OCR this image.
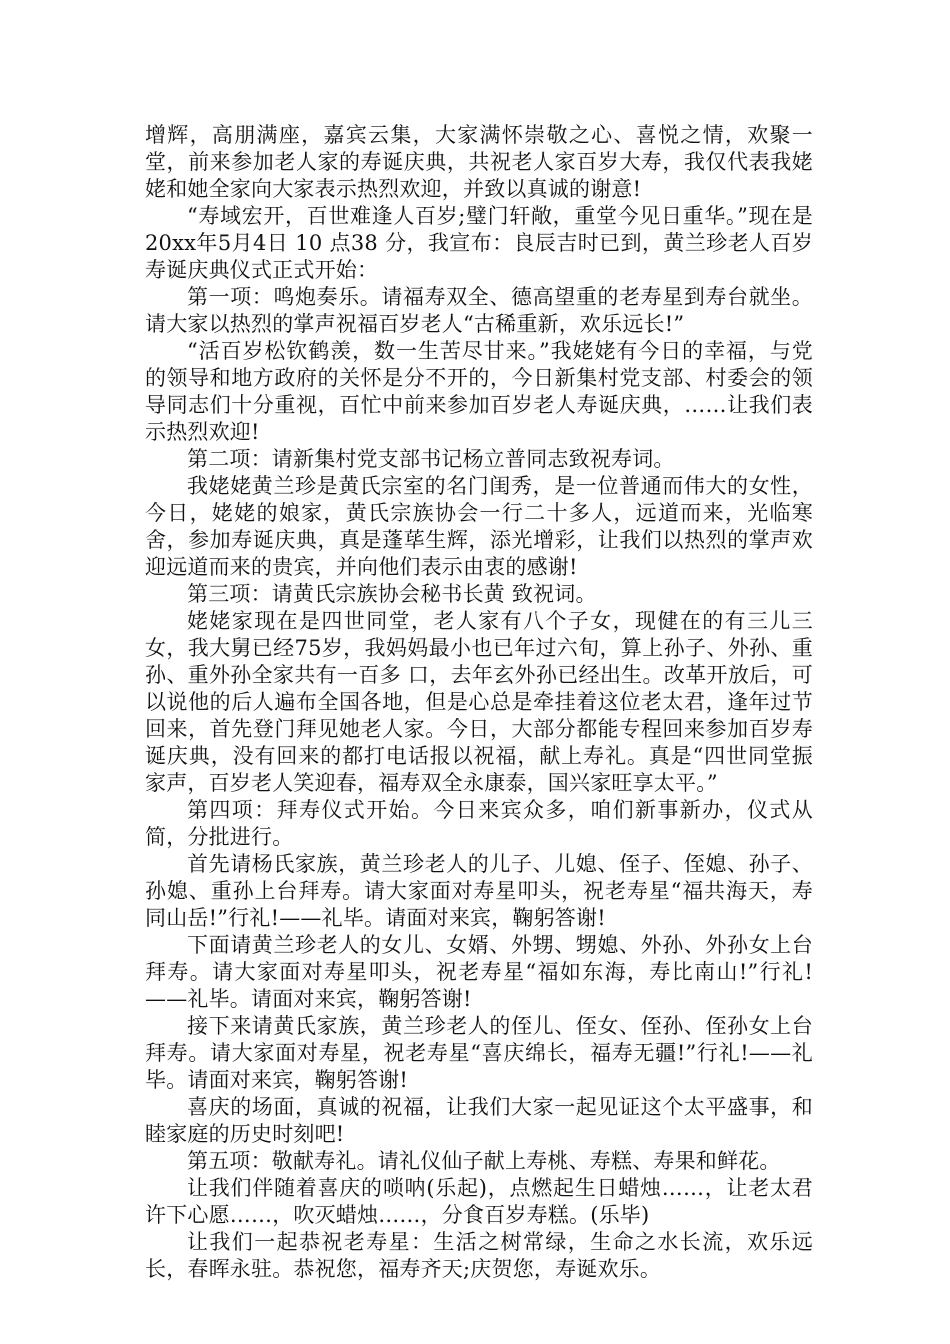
增辉，高朋满座，嘉宾云集，大家满怀崇敬之心、喜悦之情，欢聚一堂，前来参加老人家的寿诞庆典，共祝老人家百岁大寿，我仅代表我姥姥和她全家向大家表示热烈欢迎，并致以真诚的谢意!

“寿域宏开，百世难逢人百岁;璧门轩敞，重堂今见日重华。”现在是20xx年5月4日 10 点38 分，我宣布：良辰吉时已到，黄兰珍老人百岁寿诞庆典仪式正式开始：

第一项：鸣炮奏乐。请福寿双全、德高望重的老寿星到寿台就坐。请大家以热烈的掌声祝福百岁老人“古稀重新，欢乐远长!”

“活百岁松钦鹤羡，数一生苦尽甘来。”我姥姥有今日的幸福，与党的领导和地方政府的关怀是分不开的，今日新集村党支部、村委会的领导同志们十分重视，百忙中前来参加百岁老人寿诞庆典，……让我们表示热烈欢迎!

第二项：请新集村党支部书记杨立普同志致祝寿词。

我姥姥黄兰珍是黄氏宗室的名门闺秀，是一位普通而伟大的女性，今日，姥姥的娘家，黄氏宗族协会一行二十多人，远道而来，光临寒舍，参加寿诞庆典，真是蓬荜生辉，添光增彩，让我们以热烈的掌声欢迎远道而来的贵宾，并向他们表示由衷的感谢!

第三项：请黄氏宗族协会秘书长黄 致祝词。

姥姥家现在是四世同堂，老人家有八个子女，现健在的有三儿三女，我大舅已经75岁，我妈妈最小也已年过六旬，算上孙子、外孙、重孙、重外孙全家共有一百多 口，去年玄外孙已经出生。改革开放后，可以说他的后人遍布全国各地，但是心总是牵挂着这位老太君，逢年过节回来，首先登门拜见她老人家。今日，大部分都能专程回来参加百岁寿诞庆典，没有回来的都打电话报以祝福，献上寿礼。真是“四世同堂振家声，百岁老人笑迎春，福寿双全永康泰，国兴家旺享太平。”

第四项：拜寿仪式开始。今日来宾众多，咱们新事新办，仪式从简，分批进行。

首先请杨氏家族，黄兰珍老人的儿子、儿媳、侄子、侄媳、孙子、孙媳、重孙上台拜寿。请大家面对寿星叩头，祝老寿星“福共海天，寿同山岳!”行礼!——礼毕。请面对来宾，鞠躬答谢!

下面请黄兰珍老人的女儿、女婿、外甥、甥媳、外孙、外孙女上台拜寿。请大家面对寿星叩头，祝老寿星“福如东海，寿比南山!”行礼!——礼毕。请面对来宾，鞠躬答谢!

接下来请黄氏家族，黄兰珍老人的侄儿、侄女、侄孙、侄孙女上台拜寿。请大家面对寿星，祝老寿星“喜庆绵长，福寿无疆!”行礼!——礼毕。请面对来宾，鞠躬答谢!

喜庆的场面，真诚的祝福，让我们大家一起见证这个太平盛事，和睦家庭的历史时刻吧!

第五项：敬献寿礼。请礼仪仙子献上寿桃、寿糕、寿果和鲜花。

让我们伴随着喜庆的唢呐(乐起)，点燃起生日蜡烛……，让老太君许下心愿……，吹灭蜡烛……，分食百岁寿糕。(乐毕)

让我们一起恭祝老寿星：生活之树常绿，生命之水长流，欢乐远长，春晖永驻。恭祝您，福寿齐天;庆贺您，寿诞欢乐。
